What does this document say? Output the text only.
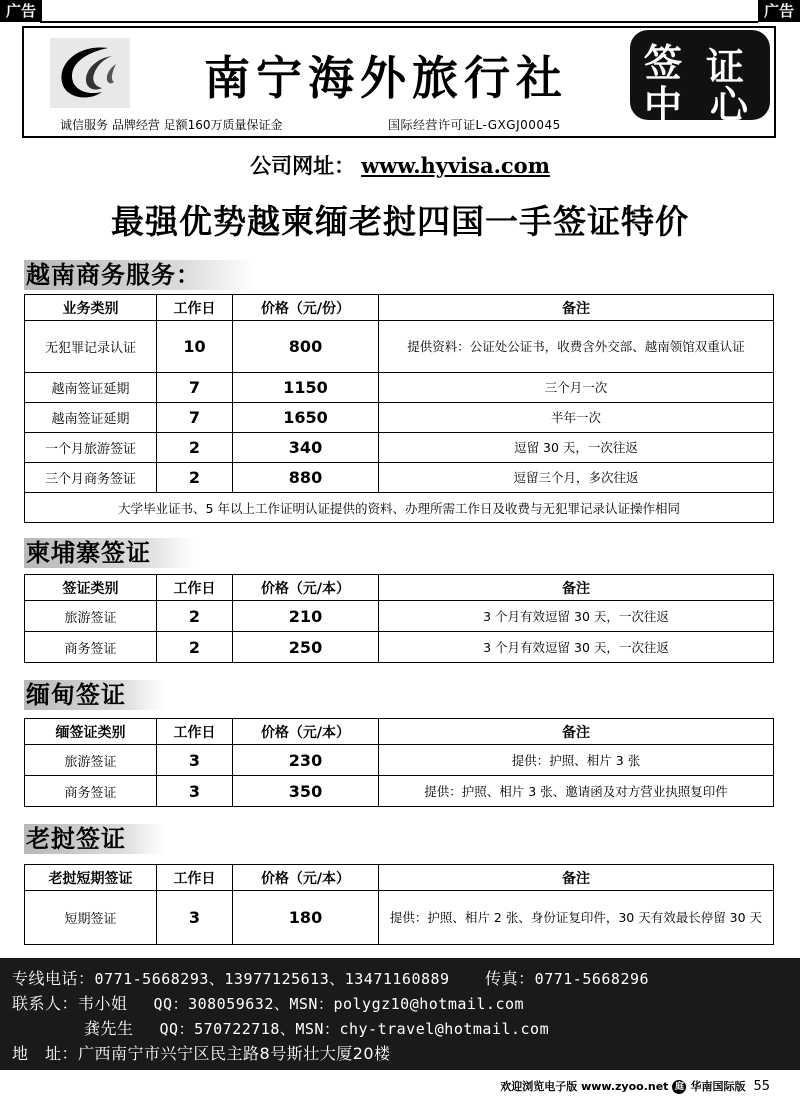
广告	广告
南宁海外旅行社 签 证
中 心
诚信服务 品牌经营 足额160万质量保证金	国际经营许可证L-GXGJ00045
公司网址： www.hyvisa.com
最强优势越柬缅老挝四国一手签证特价
越南商务服务：
业务类别	工作日	价格（元/份）	备注
无犯罪记录认证	10	800	提供资料：公证处公证书，收费含外交部、越南领馆双重认证
越南签证延期	7	1150	三个月一次
越南签证延期	7	1650	半年一次
一个月旅游签证	2	340	逗留 30 天，一次往返
三个月商务签证	2	880	逗留三个月，多次往返
大学毕业证书、5 年以上工作证明认证提供的资料、办理所需工作日及收费与无犯罪记录认证操作相同			
柬埔寨签证
签证类别	工作日	价格（元/本）	备注
旅游签证	2	210	3 个月有效逗留 30 天，一次往返
商务签证	2	250	3 个月有效逗留 30 天，一次往返
缅甸签证
缅签证类别	工作日	价格（元/本）	备注
旅游签证	3	230	提供：护照、相片 3 张
商务签证	3	350	提供：护照、相片 3 张、邀请函及对方营业执照复印件
老挝签证
老挝短期签证	工作日	价格（元/本）	备注
短期签证	3	180	提供：护照、相片 2 张、身份证复印件，30 天有效最长停留 30 天
专线电话：0771-5668293、13977125613、13471160889 传真：0771-5668296
联系人：韦小姐 QQ：308059632、MSN：polygz10@hotmail.com
龚先生 QQ：570722718、MSN：chy-travel@hotmail.com
地　址：广西南宁市兴宁区民主路8号斯壮大厦20楼
欢迎浏览电子版 www.zyoo.net 庭 华南国际版 55
